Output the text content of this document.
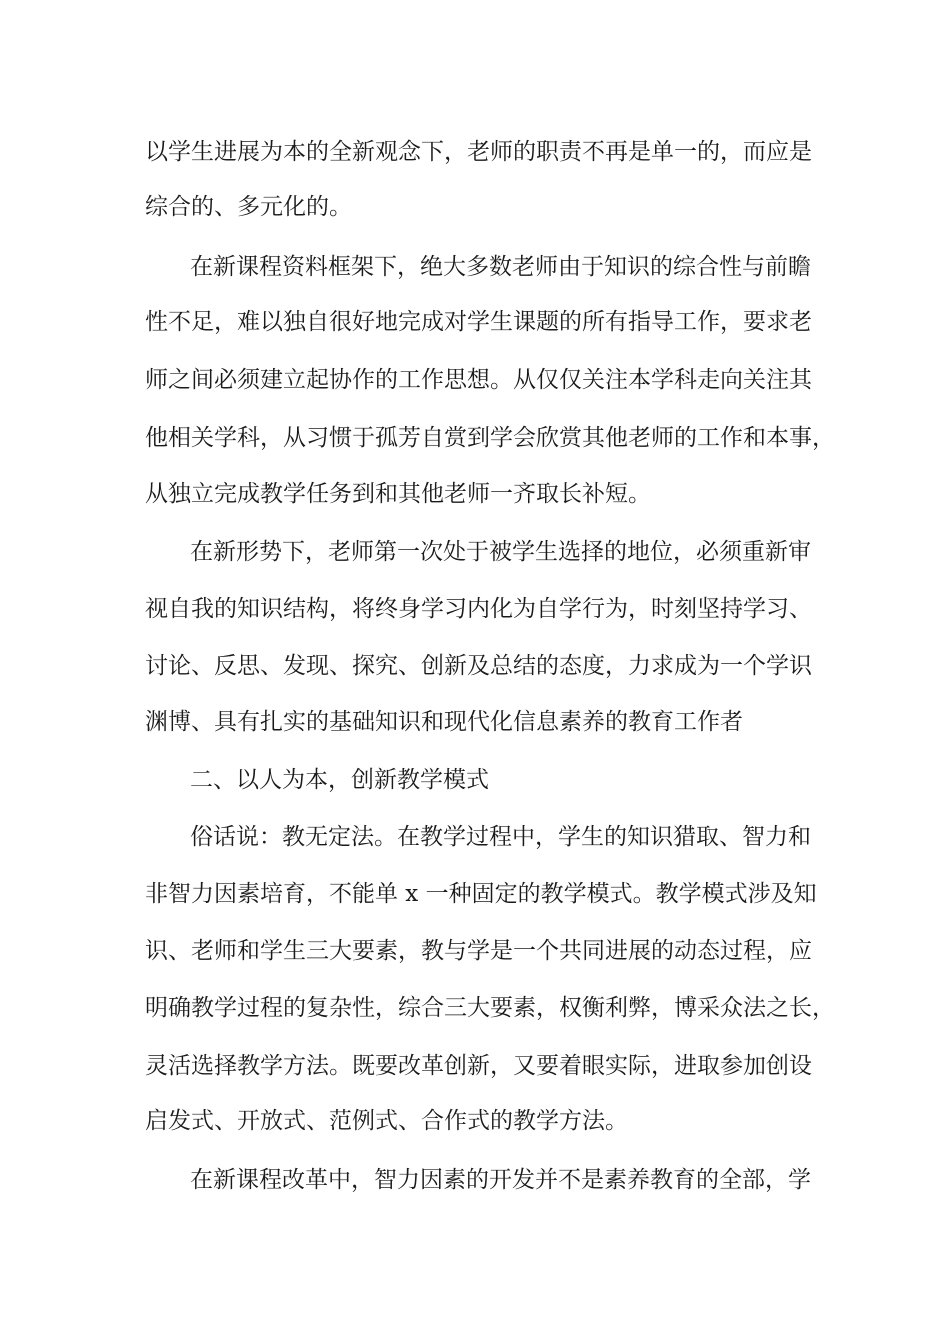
以学生进展为本的全新观念下，老师的职责不再是单一的，而应是
综合的、多元化的。
在新课程资料框架下，绝大多数老师由于知识的综合性与前瞻
性不足，难以独自很好地完成对学生课题的所有指导工作，要求老
师之间必须建立起协作的工作思想。从仅仅关注本学科走向关注其
他相关学科，从习惯于孤芳自赏到学会欣赏其他老师的工作和本事，
从独立完成教学任务到和其他老师一齐取长补短。
在新形势下，老师第一次处于被学生选择的地位，必须重新审
视自我的知识结构，将终身学习内化为自学行为，时刻坚持学习、
讨论、反思、发现、探究、创新及总结的态度，力求成为一个学识
渊博、具有扎实的基础知识和现代化信息素养的教育工作者
二、以人为本，创新教学模式
俗话说：教无定法。在教学过程中，学生的知识猎取、智力和
非智力因素培育，不能单 x 一种固定的教学模式。教学模式涉及知
识、老师和学生三大要素，教与学是一个共同进展的动态过程，应
明确教学过程的复杂性，综合三大要素，权衡利弊，博采众法之长，
灵活选择教学方法。既要改革创新，又要着眼实际，进取参加创设
启发式、开放式、范例式、合作式的教学方法。
在新课程改革中，智力因素的开发并不是素养教育的全部，学
